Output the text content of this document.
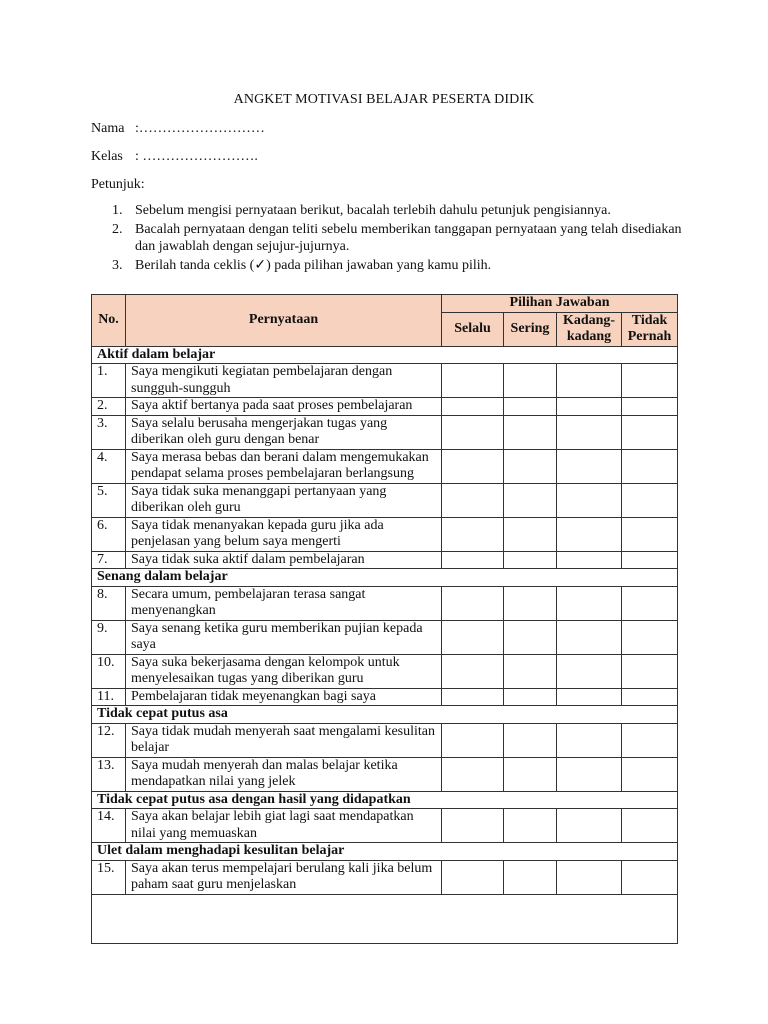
ANGKET MOTIVASI BELAJAR PESERTA DIDIK
Nama :………………………
Kelas : …………………….
Petunjuk:
1. Sebelum mengisi pernyataan berikut, bacalah terlebih dahulu petunjuk pengisiannya.
2. Bacalah pernyataan dengan teliti sebelu memberikan tanggapan pernyataan yang telah disediakan dan jawablah dengan sejujur-jujurnya.
3. Berilah tanda ceklis (✓) pada pilihan jawaban yang kamu pilih.
No.	Pernyataan	Pilihan Jawaban			
		Selalu	Sering	Kadang-kadang	Tidak Pernah
Aktif dalam belajar					
1.	Saya mengikuti kegiatan pembelajaran dengan sungguh-sungguh				
2.	Saya aktif bertanya pada saat proses pembelajaran				
3.	Saya selalu berusaha mengerjakan tugas yang diberikan oleh guru dengan benar				
4.	Saya merasa bebas dan berani dalam mengemukakan pendapat selama proses pembelajaran berlangsung				
5.	Saya tidak suka menanggapi pertanyaan yang diberikan oleh guru				
6.	Saya tidak menanyakan kepada guru jika ada penjelasan yang belum saya mengerti				
7.	Saya tidak suka aktif dalam pembelajaran				
Senang dalam belajar					
8.	Secara umum, pembelajaran terasa sangat menyenangkan				
9.	Saya senang ketika guru memberikan pujian kepada saya				
10.	Saya suka bekerjasama dengan kelompok untuk menyelesaikan tugas yang diberikan guru				
11.	Pembelajaran tidak meyenangkan bagi saya				
Tidak cepat putus asa					
12.	Saya tidak mudah menyerah saat mengalami kesulitan belajar				
13.	Saya mudah menyerah dan malas belajar ketika mendapatkan nilai yang jelek				
Tidak cepat putus asa dengan hasil yang didapatkan					
14.	Saya akan belajar lebih giat lagi saat mendapatkan nilai yang memuaskan				
Ulet dalam menghadapi kesulitan belajar					
15.	Saya akan terus mempelajari berulang kali jika belum paham saat guru menjelaskan				
